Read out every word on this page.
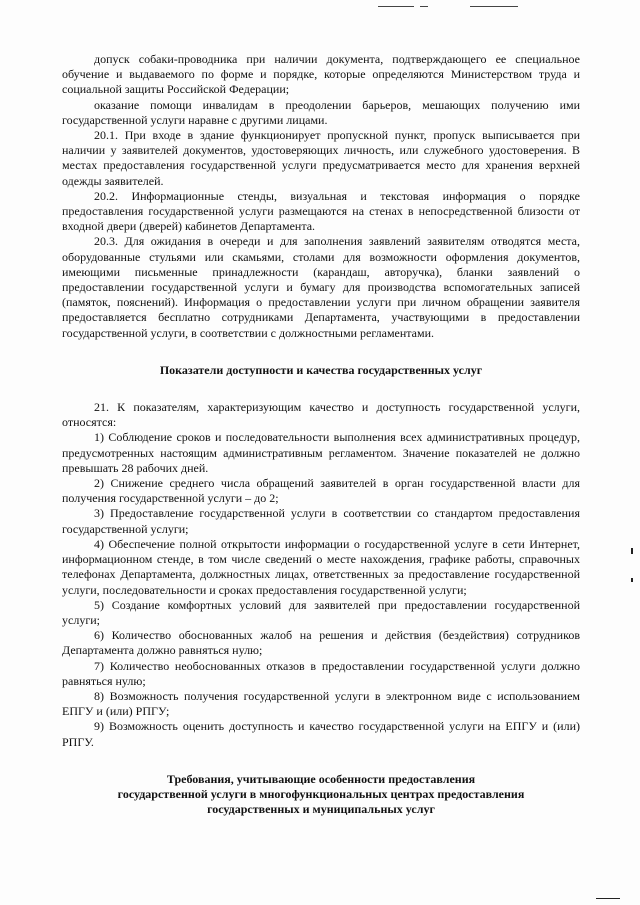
допуск собаки-проводника при наличии документа, подтверждающего ее специальное обучение и выдаваемого по форме и порядке, которые определяются Министерством труда и социальной защиты Российской Федерации;

оказание помощи инвалидам в преодолении барьеров, мешающих получению ими государственной услуги наравне с другими лицами.

20.1. При входе в здание функционирует пропускной пункт, пропуск выписывается при наличии у заявителей документов, удостоверяющих личность, или служебного удостоверения. В местах предоставления государственной услуги предусматривается место для хранения верхней одежды заявителей.

20.2. Информационные стенды, визуальная и текстовая информация о порядке предоставления государственной услуги размещаются на стенах в непосредственной близости от входной двери (дверей) кабинетов Департамента.

20.3. Для ожидания в очереди и для заполнения заявлений заявителям отводятся места, оборудованные стульями или скамьями, столами для возможности оформления документов, имеющими письменные принадлежности (карандаш, авторучка), бланки заявлений о предоставлении государственной услуги и бумагу для производства вспомогательных записей (памяток, пояснений). Информация о предоставлении услуги при личном обращении заявителя предоставляется бесплатно сотрудниками Департамента, участвующими в предоставлении государственной услуги, в соответствии с должностными регламентами.

Показатели доступности и качества государственных услуг

21. К показателям, характеризующим качество и доступность государственной услуги, относятся:

1) Соблюдение сроков и последовательности выполнения всех административных процедур, предусмотренных настоящим административным регламентом. Значение показателей не должно превышать 28 рабочих дней.

2) Снижение среднего числа обращений заявителей в орган государственной власти для получения государственной услуги – до 2;

3) Предоставление государственной услуги в соответствии со стандартом предоставления государственной услуги;

4) Обеспечение полной открытости информации о государственной услуге в сети Интернет, информационном стенде, в том числе сведений о месте нахождения, графике работы, справочных телефонах Департамента, должностных лицах, ответственных за предоставление государственной услуги, последовательности и сроках предоставления государственной услуги;

5) Создание комфортных условий для заявителей при предоставлении государственной услуги;

6) Количество обоснованных жалоб на решения и действия (бездействия) сотрудников Департамента должно равняться нулю;

7) Количество необоснованных отказов в предоставлении государственной услуги должно равняться нулю;

8) Возможность получения государственной услуги в электронном виде с использованием ЕПГУ и (или) РПГУ;

9) Возможность оценить доступность и качество государственной услуги на ЕПГУ и (или) РПГУ.

Требования, учитывающие особенности предоставления

государственной услуги в многофункциональных центрах предоставления

государственных и муниципальных услуг
